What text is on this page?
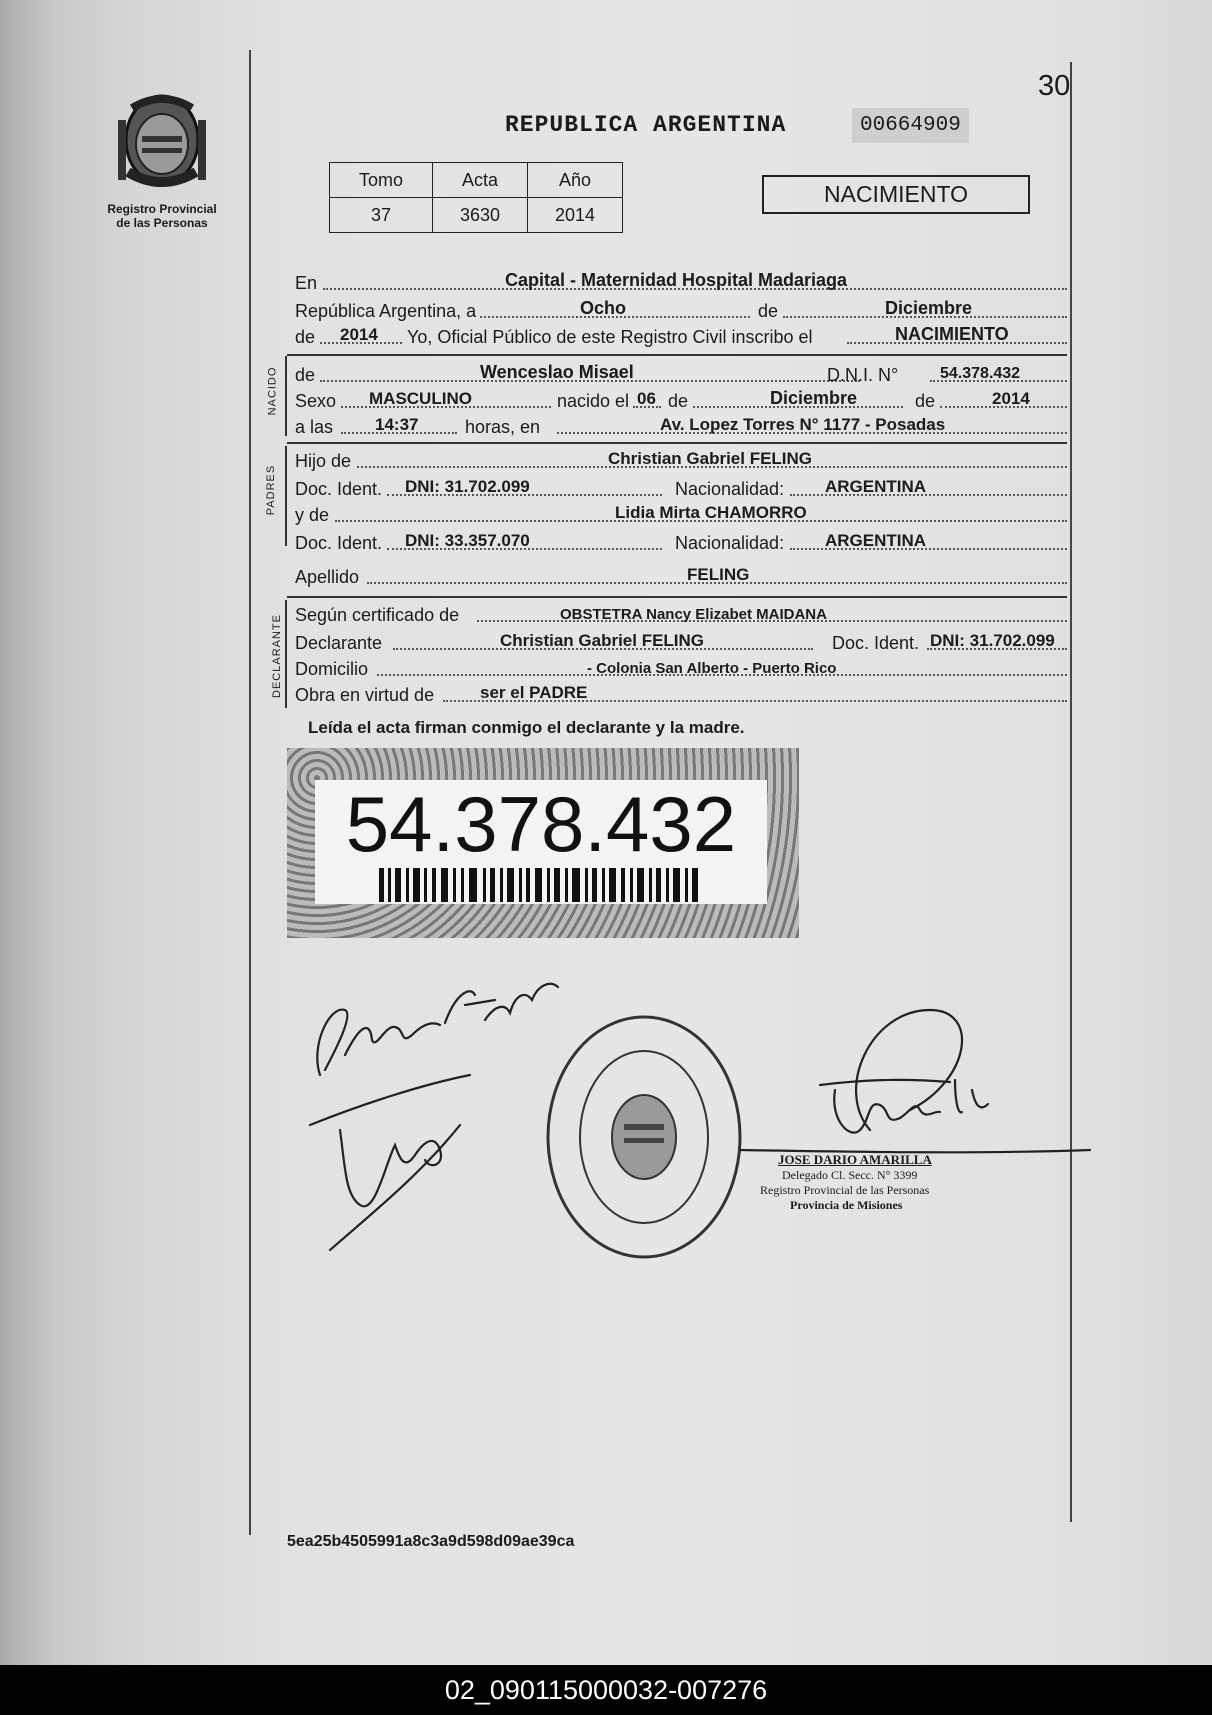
Registro Provincial
de las Personas
30
REPUBLICA ARGENTINA	00664909
Tomo	Acta	Año
37	3630	2014
NACIMIENTO
En	Capital - Maternidad Hospital Madariaga
República Argentina, a	Ocho	de	Diciembre
de 2014 Yo, Oficial Público de este Registro Civil inscribo el	NACIMIENTO
NACIDO de	Wenceslao Misael	D.N.I. N°	54.378.432
Sexo MASCULINO	nacido el 06 de	Diciembre	de	2014
a las 14:37	horas, en	Av. Lopez Torres N° 1177 - Posadas
PADRES
Hijo de	Christian Gabriel FELING
Doc. Ident. DNI: 31.702.099	Nacionalidad: ARGENTINA
y de	Lidia Mirta CHAMORRO
Doc. Ident. DNI: 33.357.070	Nacionalidad: ARGENTINA
Apellido	FELING
DECLARANTE Según certificado de	OBSTETRA Nancy Elizabet MAIDANA
Declarante	Christian Gabriel FELING	Doc. Ident. DNI: 31.702.099
Domicilio	- Colonia San Alberto - Puerto Rico
Obra en virtud de	ser el PADRE
Leída el acta firman conmigo el declarante y la madre.
54.378.432
JOSE DARIO AMARILLA
Delegado Cl. Secc. N° 3399
Registro Provincial de las Personas
Provincia de Misiones
5ea25b4505991a8c3a9d598d09ae39ca
02_090115000032-007276
